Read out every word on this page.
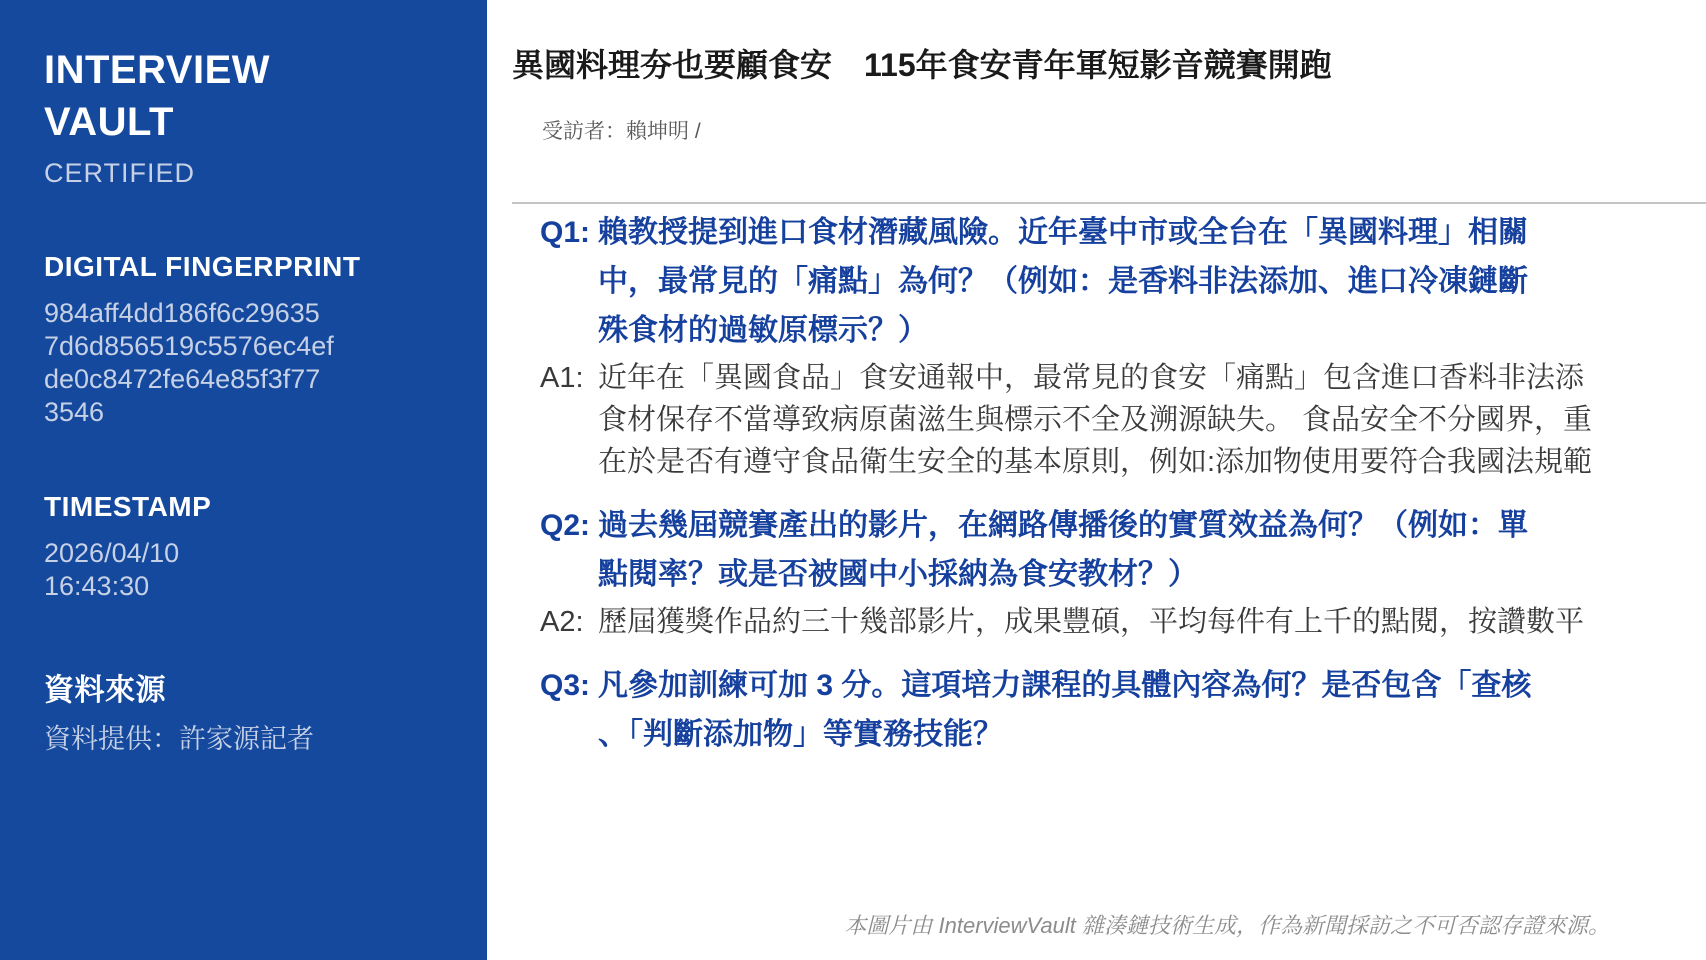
INTERVIEW
VAULT
CERTIFIED
DIGITAL FINGERPRINT
984aff4dd186f6c29635
7d6d856519c5576ec4ef
de0c8472fe64e85f3f77
3546
TIMESTAMP
2026/04/10
16:43:30
資料來源
資料提供：許家源記者
異國料理夯也要顧食安　115年食安青年軍短影音競賽開跑
受訪者：賴坤明 /
Q1: 賴教授提到進口食材潛藏風險。近年臺中市或全台在「異國料理」相關
中，最常見的「痛點」為何？（例如：是香料非法添加、進口冷凍鏈斷
殊食材的過敏原標示？）
A1: 近年在「異國食品」食安通報中，最常見的食安「痛點」包含進口香料非法添
食材保存不當導致病原菌滋生與標示不全及溯源缺失。 食品安全不分國界，重
在於是否有遵守食品衛生安全的基本原則，例如:添加物使用要符合我國法規範
Q2: 過去幾屆競賽產出的影片，在網路傳播後的實質效益為何？（例如：單
點閱率？或是否被國中小採納為食安教材？）
A2: 歷屆獲獎作品約三十幾部影片，成果豐碩，平均每件有上千的點閱，按讚數平
Q3: 凡參加訓練可加 3 分。這項培力課程的具體內容為何？是否包含「查核
、「判斷添加物」等實務技能？
本圖片由 InterviewVault 雜湊鏈技術生成，作為新聞採訪之不可否認存證來源。
